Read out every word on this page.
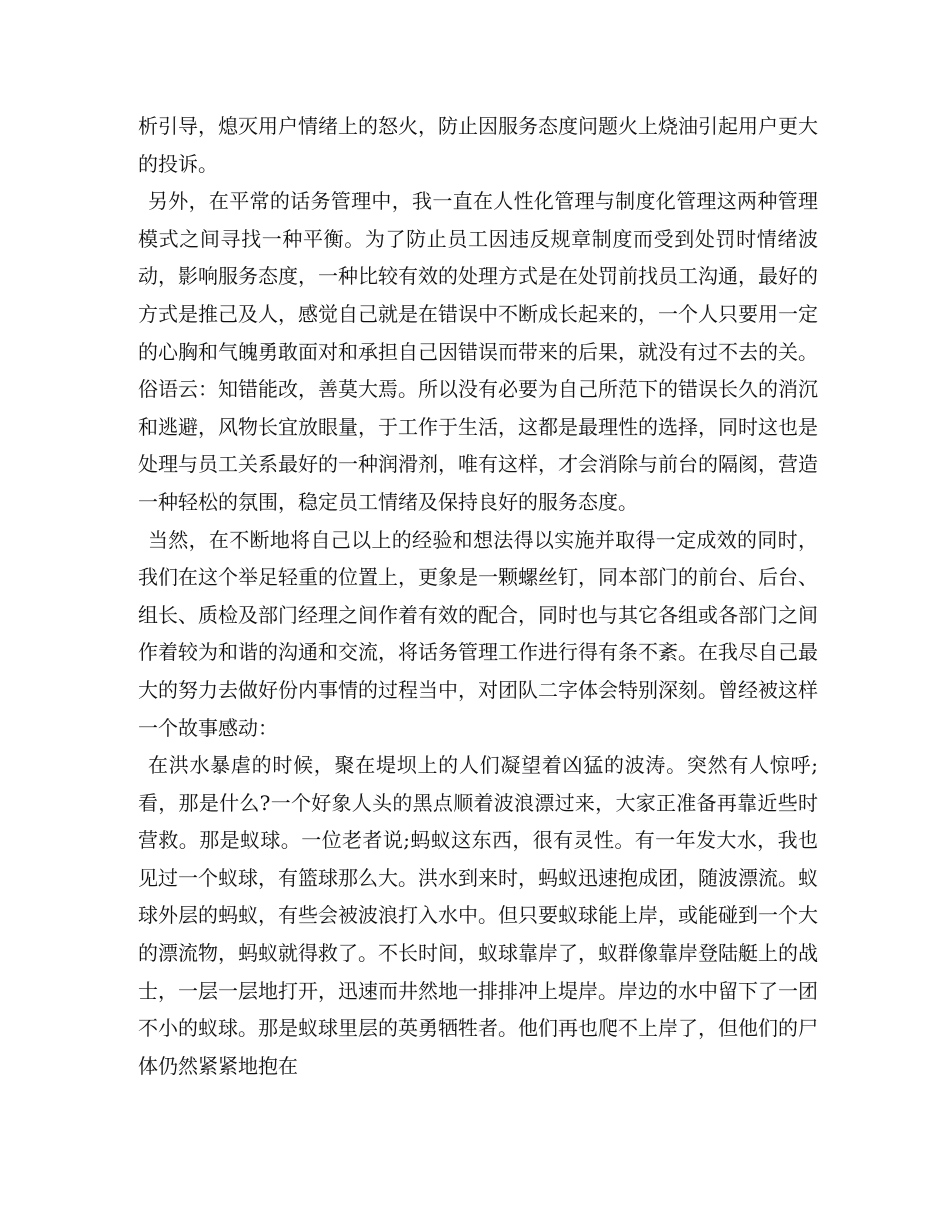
析引导，熄灭用户情绪上的怒火，防止因服务态度问题火上烧油引起用户更大的投诉。

另外，在平常的话务管理中，我一直在人性化管理与制度化管理这两种管理模式之间寻找一种平衡。为了防止员工因违反规章制度而受到处罚时情绪波动，影响服务态度，一种比较有效的处理方式是在处罚前找员工沟通，最好的方式是推己及人，感觉自己就是在错误中不断成长起来的，一个人只要用一定的心胸和气魄勇敢面对和承担自己因错误而带来的后果，就没有过不去的关。俗语云：知错能改，善莫大焉。所以没有必要为自己所范下的错误长久的消沉和逃避，风物长宜放眼量，于工作于生活，这都是最理性的选择，同时这也是处理与员工关系最好的一种润滑剂，唯有这样，才会消除与前台的隔阂，营造一种轻松的氛围，稳定员工情绪及保持良好的服务态度。

当然，在不断地将自己以上的经验和想法得以实施并取得一定成效的同时，我们在这个举足轻重的位置上，更象是一颗螺丝钉，同本部门的前台、后台、组长、质检及部门经理之间作着有效的配合，同时也与其它各组或各部门之间作着较为和谐的沟通和交流，将话务管理工作进行得有条不紊。在我尽自己最大的努力去做好份内事情的过程当中，对团队二字体会特别深刻。曾经被这样一个故事感动：

在洪水暴虐的时候，聚在堤坝上的人们凝望着凶猛的波涛。突然有人惊呼;看，那是什么?一个好象人头的黑点顺着波浪漂过来，大家正准备再靠近些时营救。那是蚁球。一位老者说;蚂蚁这东西，很有灵性。有一年发大水，我也见过一个蚁球，有篮球那么大。洪水到来时，蚂蚁迅速抱成团，随波漂流。蚁球外层的蚂蚁，有些会被波浪打入水中。但只要蚁球能上岸，或能碰到一个大的漂流物，蚂蚁就得救了。不长时间，蚁球靠岸了，蚁群像靠岸登陆艇上的战士，一层一层地打开，迅速而井然地一排排冲上堤岸。岸边的水中留下了一团不小的蚁球。那是蚁球里层的英勇牺牲者。他们再也爬不上岸了，但他们的尸体仍然紧紧地抱在
